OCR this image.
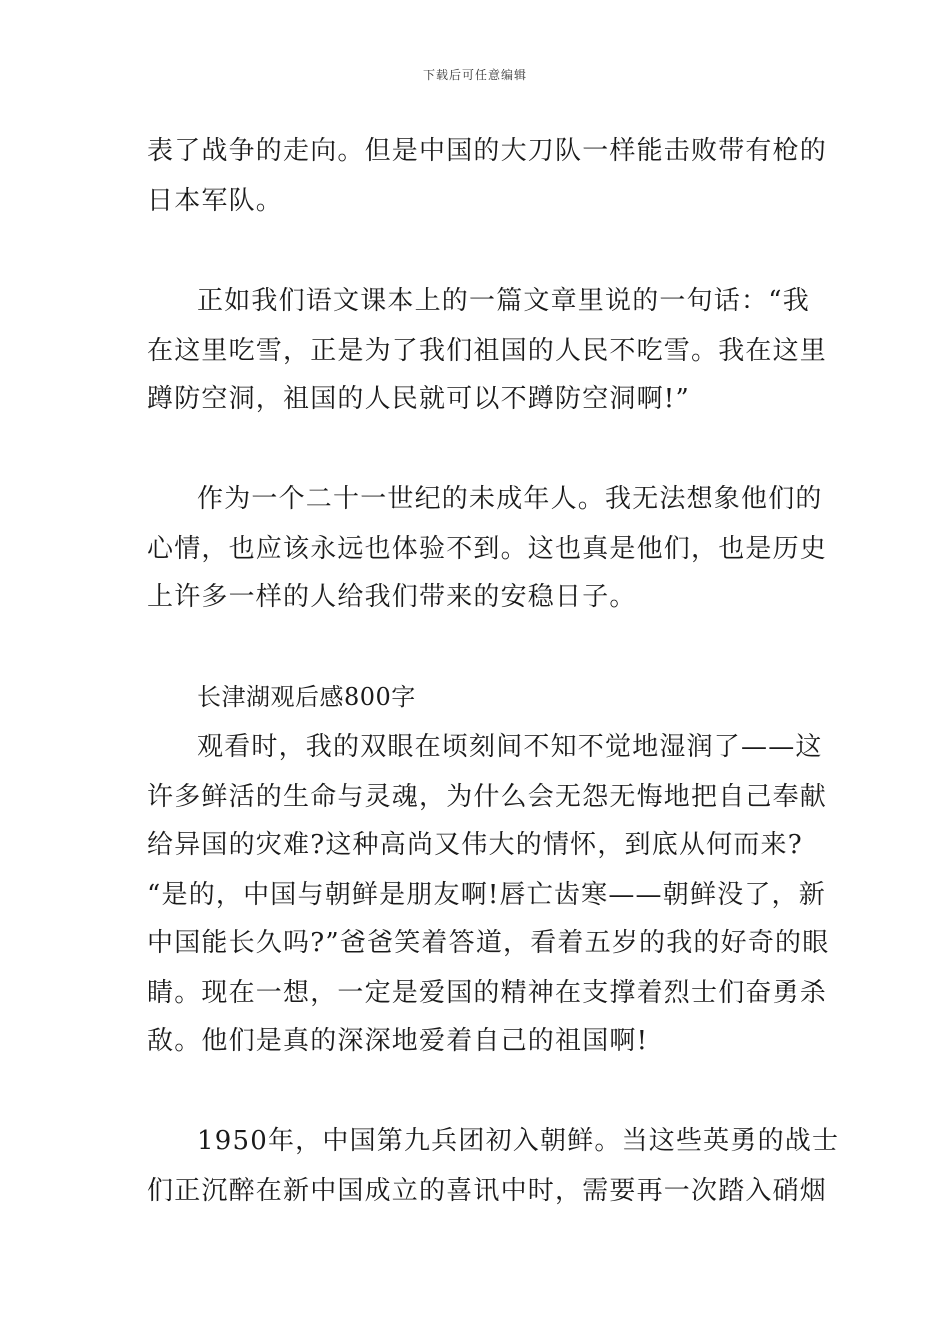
下载后可任意编辑
表了战争的走向。但是中国的大刀队一样能击败带有枪的
日本军队。
正如我们语文课本上的一篇文章里说的一句话：“我
在这里吃雪，正是为了我们祖国的人民不吃雪。我在这里
蹲防空洞，祖国的人民就可以不蹲防空洞啊!”
作为一个二十一世纪的未成年人。我无法想象他们的
心情，也应该永远也体验不到。这也真是他们，也是历史
上许多一样的人给我们带来的安稳日子。
长津湖观后感800字
观看时，我的双眼在顷刻间不知不觉地湿润了——这
许多鲜活的生命与灵魂，为什么会无怨无悔地把自己奉献
给异国的灾难?这种高尚又伟大的情怀，到底从何而来?
“是的，中国与朝鲜是朋友啊!唇亡齿寒——朝鲜没了，新
中国能长久吗?”爸爸笑着答道，看着五岁的我的好奇的眼
睛。现在一想，一定是爱国的精神在支撑着烈士们奋勇杀
敌。他们是真的深深地爱着自己的祖国啊!
1950年，中国第九兵团初入朝鲜。当这些英勇的战士
们正沉醉在新中国成立的喜讯中时，需要再一次踏入硝烟
